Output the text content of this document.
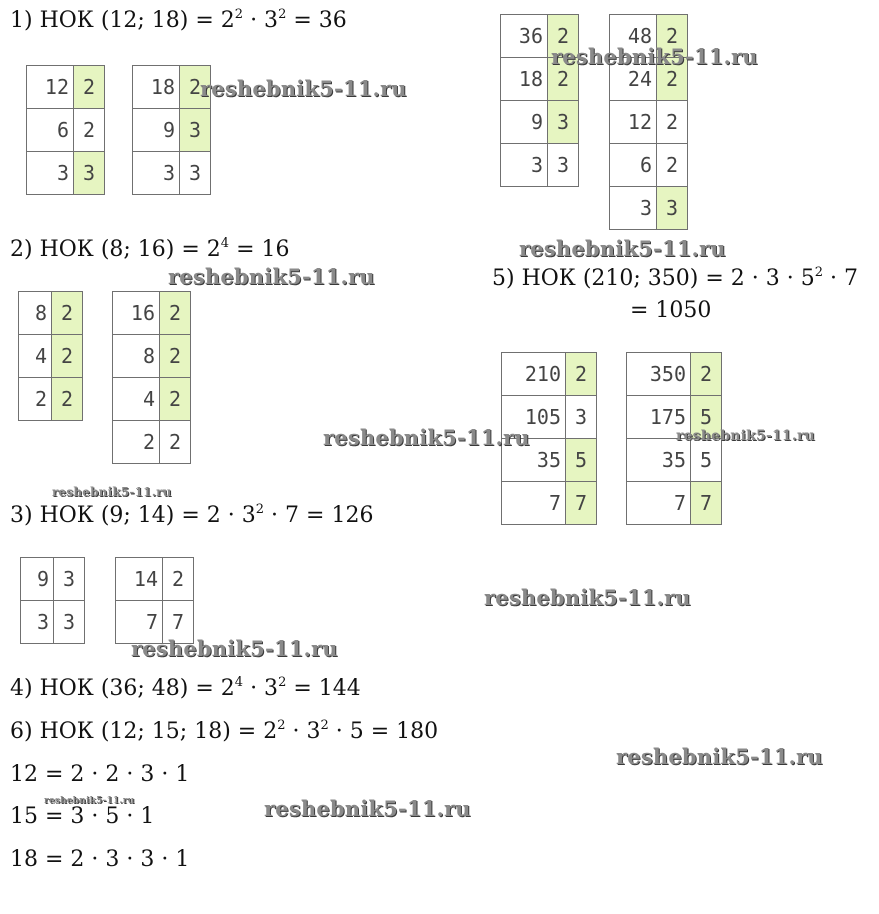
1) НОК (12; $18) = 2^2 \cdot 3^2 = 36$
2) НОК (8; $16) = 2^4 = 16$
3) НОК (9; $14) = 2 \cdot 3^2 \cdot 7 = 126$
4) НОК (36; $48) = 2^4 \cdot 3^2 = 144$
5) НОК (210; $350) = 2 \cdot 3 \cdot 5^2 \cdot 7$
= 1050
6) НОК (12; 15; $18) = 2^2 \cdot 3^2 \cdot 5 = 180$
12 = 2 · 2 · 3 · 1
15 = 3 · 5 · 1
18 = 2 · 3 · 3 · 1
12	2
6	2
3	3
18	2
9	3
3	3
8	2
4	2
2	2
16	2
8	2
4	2
2	2
9	3
3	3
14	2
7	7
36	2
18	2
9	3
3	3
48	2
24	2
12	2
6	2
3	3
210	2
105	3
35	5
7	7
350	2
175	5
35	5
7	7
reshebnik5-11.ru
reshebnik5-11.ru
reshebnik5-11.ru
reshebnik5-11.ru
reshebnik5-11.ru	reshebnik5-11.ru
reshebnik5-11.ru
reshebnik5-11.ru
reshebnik5-11.ru
reshebnik5-11.ru
reshebnik5-11.ru	reshebnik5-11.ru
